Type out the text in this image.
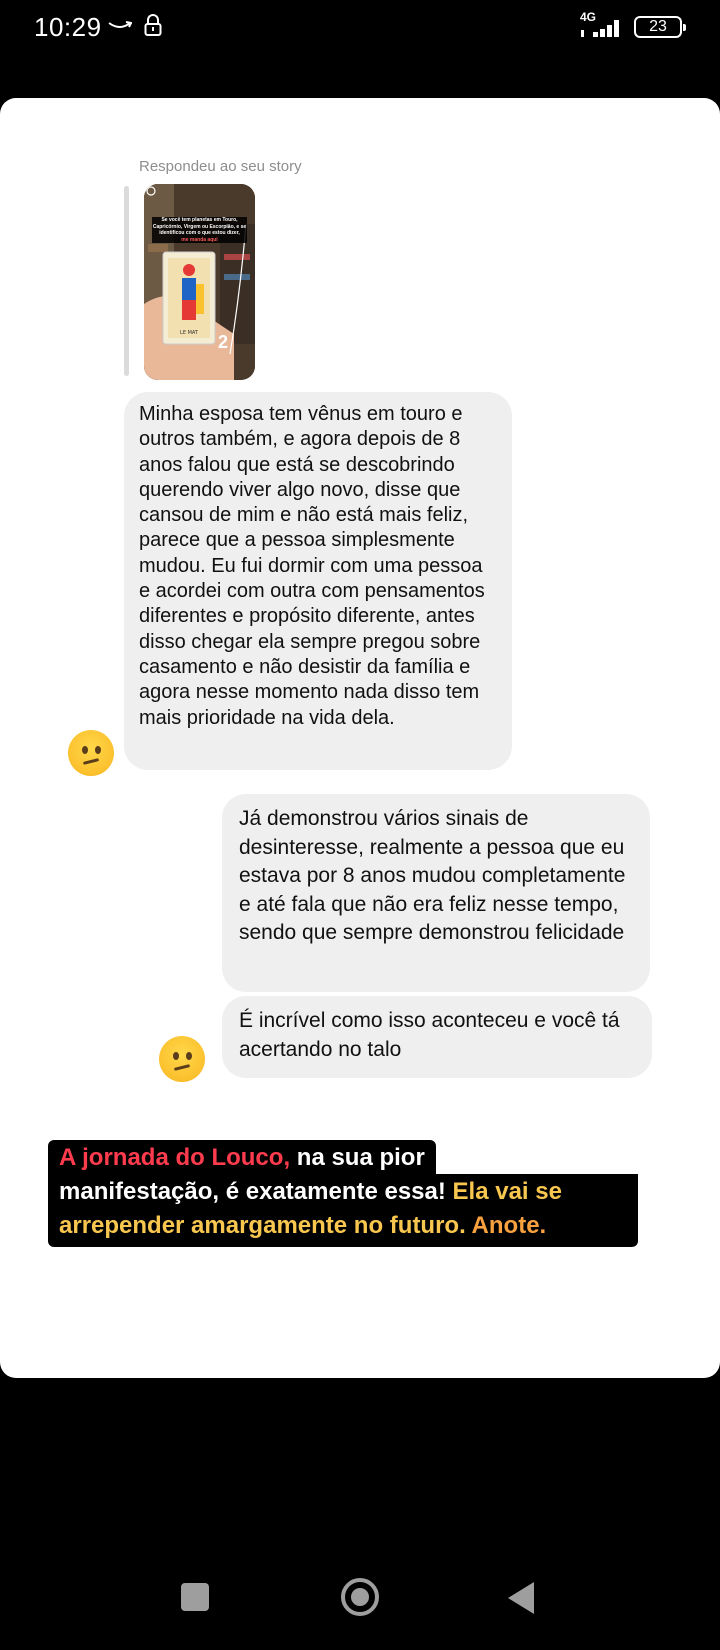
10:29	4G
23
Respondeu ao seu story
LE MAT
Se você tem planetas em Touro,
Capricórnio, Virgem ou Escorpião, e se
identificou com o que estou dizer,
me manda aqui
2
Minha esposa tem vênus em touro e outros também, e agora depois de 8 anos falou que está se descobrindo querendo viver algo novo, disse que cansou de mim e não está mais feliz, parece que a pessoa simplesmente mudou. Eu fui dormir com uma pessoa e acordei com outra com pensamentos diferentes e propósito diferente, antes disso chegar ela sempre pregou sobre casamento e não desistir da família e agora nesse momento nada disso tem mais prioridade na vida dela.
Já demonstrou vários sinais de desinteresse, realmente a pessoa que eu estava por 8 anos mudou completamente e até fala que não era feliz nesse tempo, sendo que sempre demonstrou felicidade
É incrível como isso aconteceu e você tá acertando no talo
A jornada do Louco, na sua pior
manifestação, é exatamente essa! Ela vai se
arrepender amargamente no futuro. Anote.
